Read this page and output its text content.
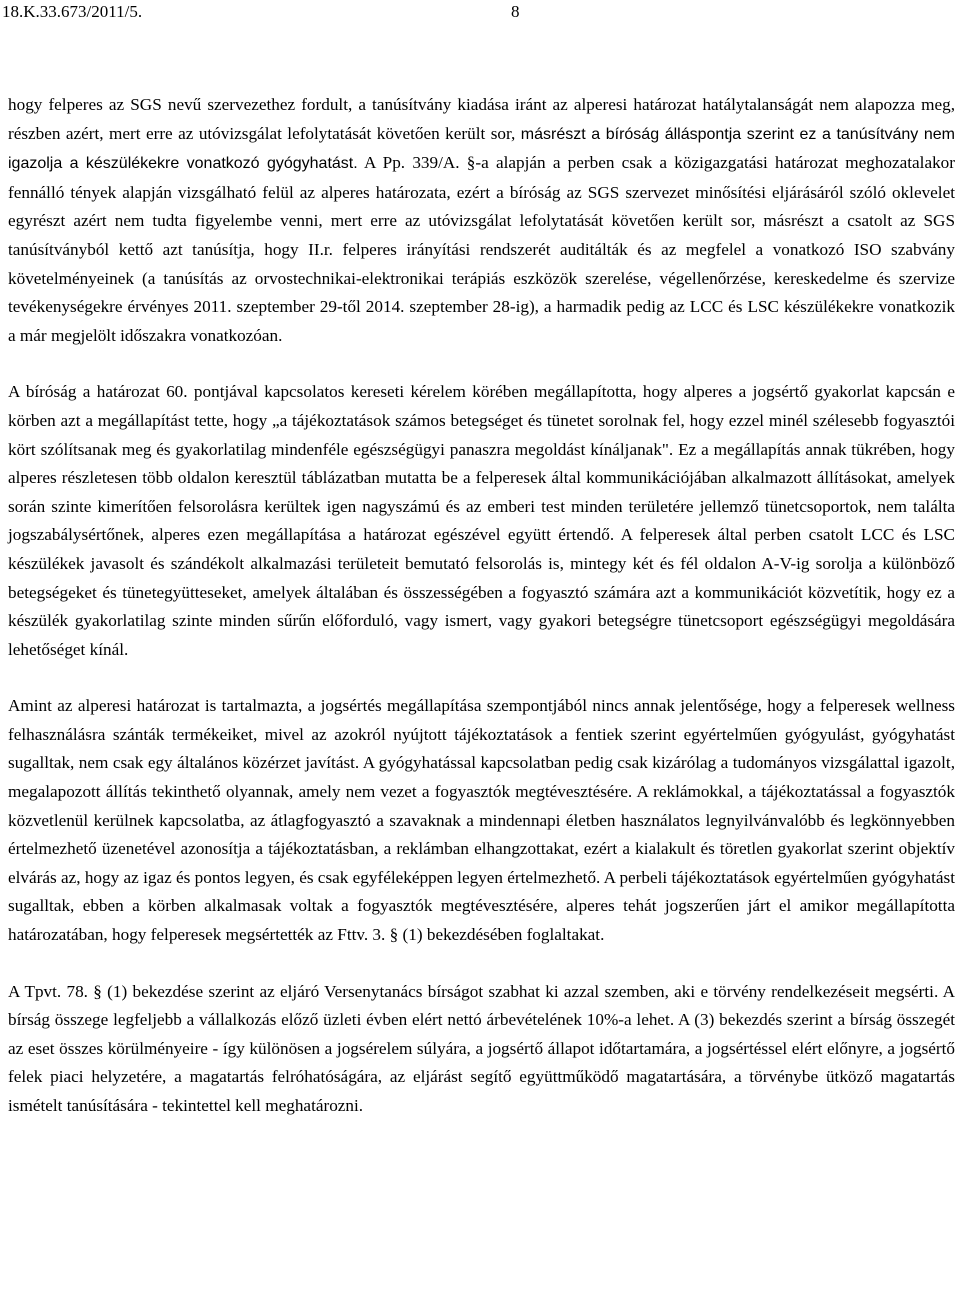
18.K.33.673/2011/5.	8

hogy felperes az SGS nevű szervezethez fordult, a tanúsítvány kiadása iránt az alperesi határozat hatálytalanságát nem alapozza meg, részben azért, mert erre az utóvizsgálat lefolytatását követően került sor, másrészt a bíróság álláspontja szerint ez a tanúsítvány nem igazolja a készülékekre vonatkozó gyógyhatást. A Pp. 339/A. §-a alapján a perben csak a közigazgatási határozat meghozatalakor fennálló tények alapján vizsgálható felül az alperes határozata, ezért a bíróság az SGS szervezet minősítési eljárásáról szóló oklevelet egyrészt azért nem tudta figyelembe venni, mert erre az utóvizsgálat lefolytatását követően került sor, másrészt a csatolt az SGS tanúsítványból kettő azt tanúsítja, hogy II.r. felperes irányítási rendszerét auditálták és az megfelel a vonatkozó ISO szabvány követelményeinek (a tanúsítás az orvostechnikai-elektronikai terápiás eszközök szerelése, végellenőrzése, kereskedelme és szervize tevékenységekre érvényes 2011. szeptember 29-től 2014. szeptember 28-ig), a harmadik pedig az LCC és LSC készülékekre vonatkozik a már megjelölt időszakra vonatkozóan.

A bíróság a határozat 60. pontjával kapcsolatos kereseti kérelem körében megállapította, hogy alperes a jogsértő gyakorlat kapcsán e körben azt a megállapítást tette, hogy „a tájékoztatások számos betegséget és tünetet sorolnak fel, hogy ezzel minél szélesebb fogyasztói kört szólítsanak meg és gyakorlatilag mindenféle egészségügyi panaszra megoldást kínáljanak". Ez a megállapítás annak tükrében, hogy alperes részletesen több oldalon keresztül táblázatban mutatta be a felperesek által kommunikációjában alkalmazott állításokat, amelyek során szinte kimerítően felsorolásra kerültek igen nagyszámú és az emberi test minden területére jellemző tünetcsoportok, nem találta jogszabálysértőnek, alperes ezen megállapítása a határozat egészével együtt értendő. A felperesek által perben csatolt LCC és LSC készülékek javasolt és szándékolt alkalmazási területeit bemutató felsorolás is, mintegy két és fél oldalon A-V-ig sorolja a különböző betegségeket és tünetegyütteseket, amelyek általában és összességében a fogyasztó számára azt a kommunikációt közvetítik, hogy ez a készülék gyakorlatilag szinte minden sűrűn előforduló, vagy ismert, vagy gyakori betegségre tünetcsoport egészségügyi megoldására lehetőséget kínál.

Amint az alperesi határozat is tartalmazta, a jogsértés megállapítása szempontjából nincs annak jelentősége, hogy a felperesek wellness felhasználásra szánták termékeiket, mivel az azokról nyújtott tájékoztatások a fentiek szerint egyértelműen gyógyulást, gyógyhatást sugalltak, nem csak egy általános közérzet javítást. A gyógyhatással kapcsolatban pedig csak kizárólag a tudományos vizsgálattal igazolt, megalapozott állítás tekinthető olyannak, amely nem vezet a fogyasztók megtévesztésére. A reklámokkal, a tájékoztatással a fogyasztók közvetlenül kerülnek kapcsolatba, az átlagfogyasztó a szavaknak a mindennapi életben használatos legnyilvánvalóbb és legkönnyebben értelmezhető üzenetével azonosítja a tájékoztatásban, a reklámban elhangzottakat, ezért a kialakult és töretlen gyakorlat szerint objektív elvárás az, hogy az igaz és pontos legyen, és csak egyféleképpen legyen értelmezhető. A perbeli tájékoztatások egyértelműen gyógyhatást sugalltak, ebben a körben alkalmasak voltak a fogyasztók megtévesztésére, alperes tehát jogszerűen járt el amikor megállapította határozatában, hogy felperesek megsértették az Fttv. 3. § (1) bekezdésében foglaltakat.

A Tpvt. 78. § (1) bekezdése szerint az eljáró Versenytanács bírságot szabhat ki azzal szemben, aki e törvény rendelkezéseit megsérti. A bírság összege legfeljebb a vállalkozás előző üzleti évben elért nettó árbevételének 10%-a lehet. A (3) bekezdés szerint a bírság összegét az eset összes körülményeire - így különösen a jogsérelem súlyára, a jogsértő állapot időtartamára, a jogsértéssel elért előnyre, a jogsértő felek piaci helyzetére, a magatartás felróhatóságára, az eljárást segítő együttműködő magatartására, a törvénybe ütköző magatartás ismételt tanúsítására - tekintettel kell meghatározni.
